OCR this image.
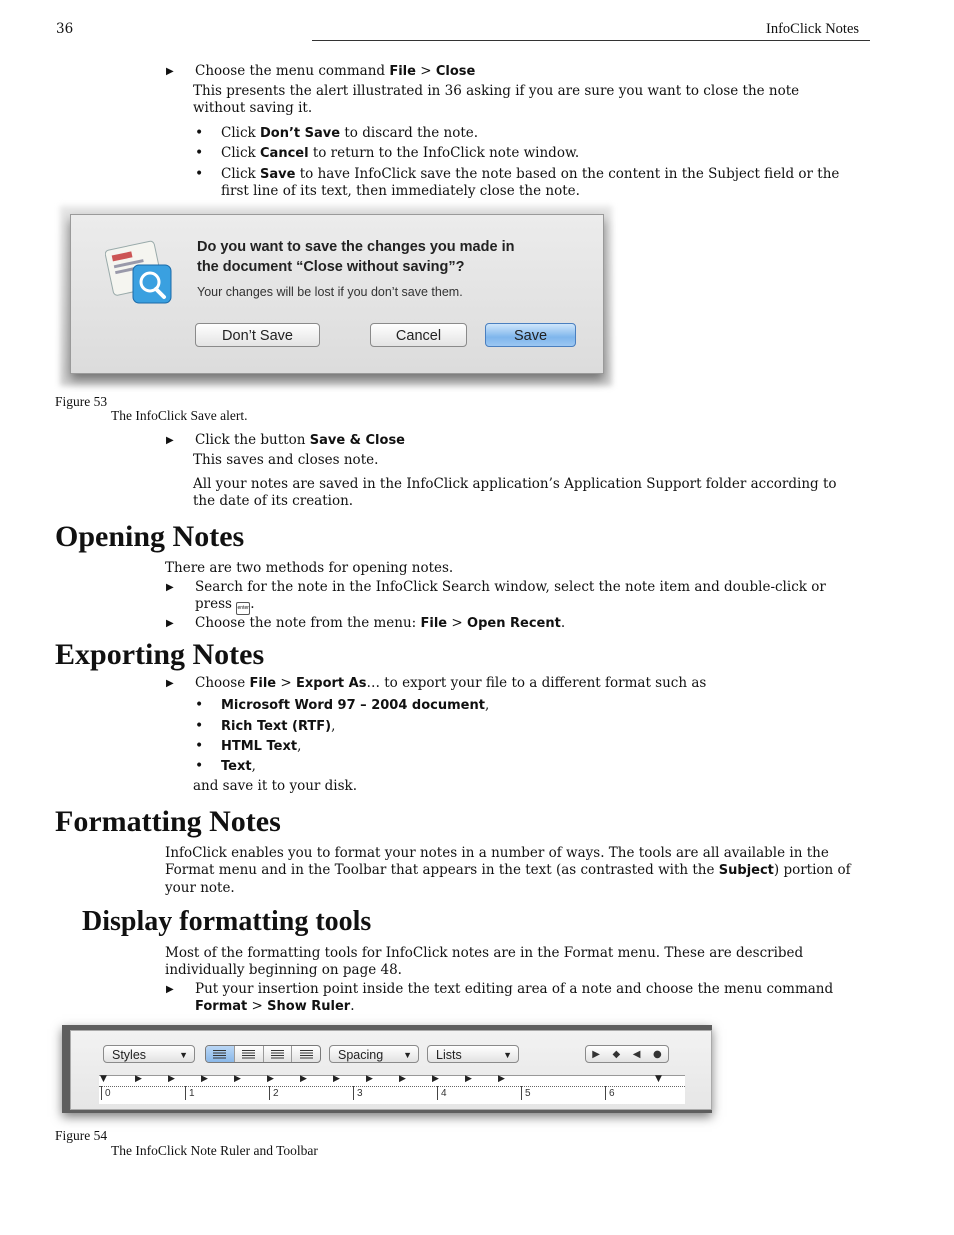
36	InfoClick Notes
▶ Choose the menu command File > Close
This presents the alert illustrated in 36 asking if you are sure you want to close the note
without saving it.
• Click Don’t Save to discard the note.
• Click Cancel to return to the InfoClick note window.
• Click Save to have InfoClick save the note based on the content in the Subject field or the
first line of its text, then immediately close the note.
Do you want to save the changes you made in
the document “Close without saving”?
Your changes will be lost if you don’t save them.
Don’t Save	Cancel	Save
Figure 53
The InfoClick Save alert.
▶ Click the button Save & Close
This saves and closes note.
All your notes are saved in the InfoClick application’s Application Support folder according to
the date of its creation.
Opening Notes
There are two methods for opening notes.
▶ Search for the note in the InfoClick Search window, select the note item and double-click or
press enter.
▶ Choose the note from the menu: File > Open Recent.
Exporting Notes
▶ Choose File > Export As… to export your file to a different format such as
• Microsoft Word 97 – 2004 document,
• Rich Text (RTF),
• HTML Text,
• Text,
and save it to your disk.
Formatting Notes
InfoClick enables you to format your notes in a number of ways. The tools are all available in the
Format menu and in the Toolbar that appears in the text (as contrasted with the Subject) portion of
your note.
Display formatting tools
Most of the formatting tools for InfoClick notes are in the Format menu. These are described
individually beginning on page 48.
▶ Put your insertion point inside the text editing area of a note and choose the menu command
Format > Show Ruler.
Styles	▼	Spacing ▼	Lists	▼	▶ ◆ ◀ ●
▼	▶	▶	▶	▶	▶	▶	▶	▶	▶	▶	▶	▶	▼
0	1	2	3	4	5	6
Figure 54
The InfoClick Note Ruler and Toolbar
